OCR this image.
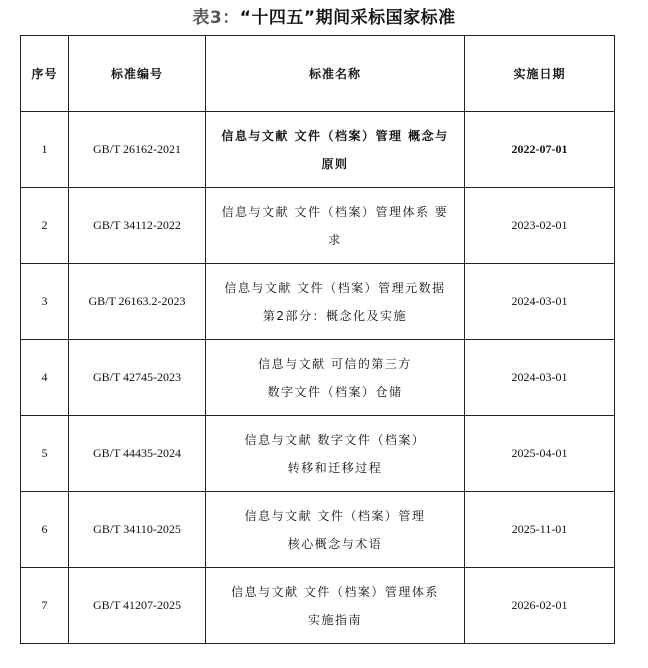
表3：“十四五”期间采标国家标准
序号	标准编号	标准名称	实施日期
1	GB/T 26162-2021	信息与文献 文件（档案）管理 概念与
原则	2022-07-01
2	GB/T 34112-2022	信息与文献 文件（档案）管理体系 要
求	2023-02-01
3	GB/T 26163.2-2023	信息与文献 文件（档案）管理元数据
第2部分：概念化及实施	2024-03-01
4	GB/T 42745-2023	信息与文献 可信的第三方
数字文件（档案）仓储	2024-03-01
5	GB/T 44435-2024	信息与文献 数字文件（档案）
转移和迁移过程	2025-04-01
6	GB/T 34110-2025	信息与文献 文件（档案）管理
核心概念与术语	2025-11-01
7	GB/T 41207-2025	信息与文献 文件（档案）管理体系
实施指南	2026-02-01
